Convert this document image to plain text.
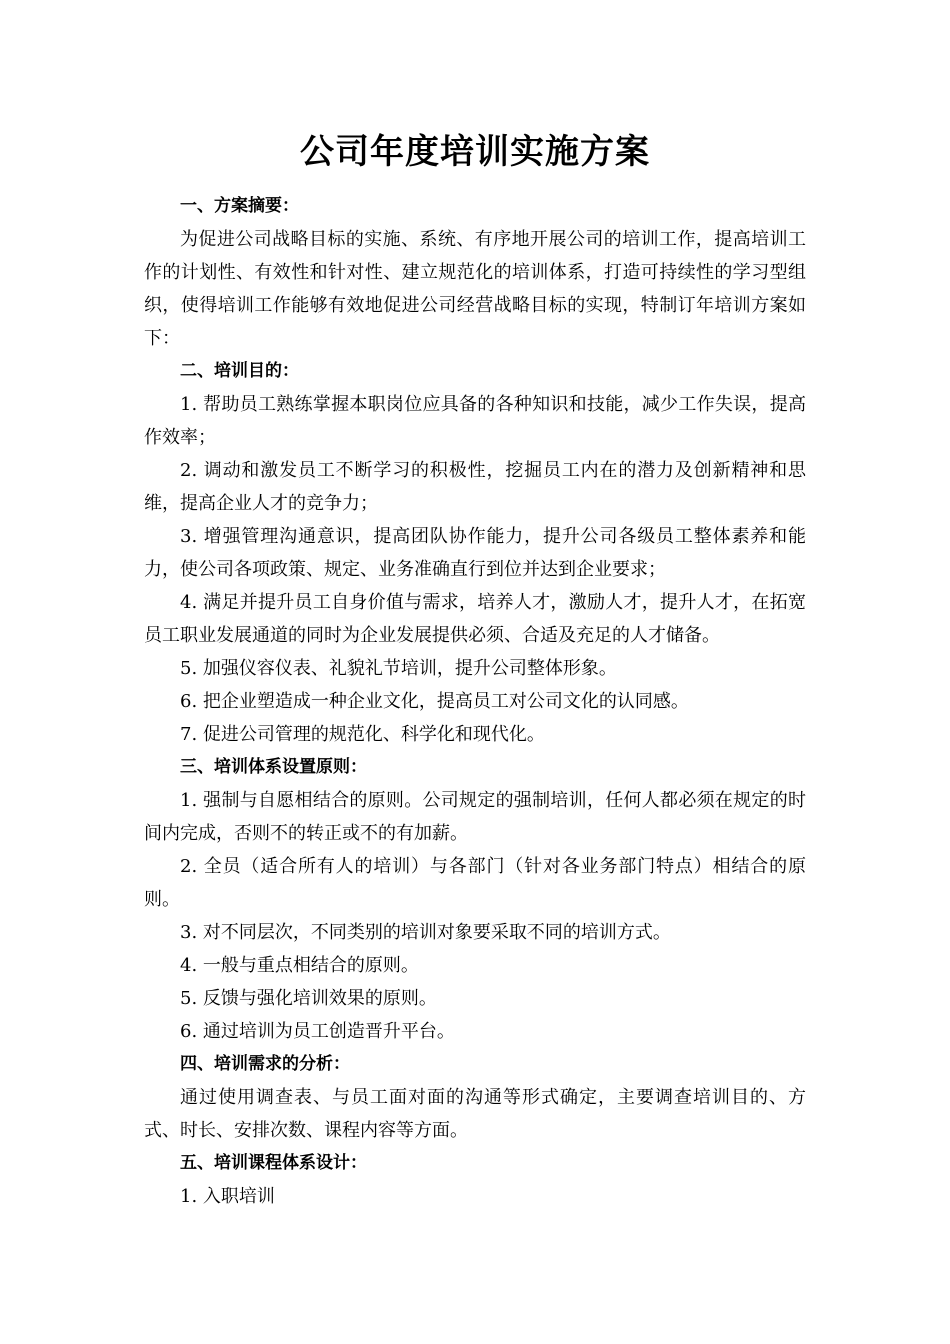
公司年度培训实施方案

一、方案摘要：

为促进公司战略目标的实施、系统、有序地开展公司的培训工作，提高培训工作的计划性、有效性和针对性、建立规范化的培训体系，打造可持续性的学习型组织，使得培训工作能够有效地促进公司经营战略目标的实现，特制订年培训方案如下：

二、培训目的：

1. 帮助员工熟练掌握本职岗位应具备的各种知识和技能，减少工作失误，提高作效率；

2. 调动和激发员工不断学习的积极性，挖掘员工内在的潜力及创新精神和思维，提高企业人才的竞争力；

3. 增强管理沟通意识，提高团队协作能力，提升公司各级员工整体素养和能力，使公司各项政策、规定、业务准确直行到位并达到企业要求；

4. 满足并提升员工自身价值与需求，培养人才，激励人才，提升人才，在拓宽员工职业发展通道的同时为企业发展提供必须、合适及充足的人才储备。

5. 加强仪容仪表、礼貌礼节培训，提升公司整体形象。

6. 把企业塑造成一种企业文化，提高员工对公司文化的认同感。

7. 促进公司管理的规范化、科学化和现代化。

三、培训体系设置原则：

1. 强制与自愿相结合的原则。公司规定的强制培训，任何人都必须在规定的时间内完成，否则不的转正或不的有加薪。

2. 全员（适合所有人的培训）与各部门（针对各业务部门特点）相结合的原则。

3. 对不同层次，不同类别的培训对象要采取不同的培训方式。

4. 一般与重点相结合的原则。

5. 反馈与强化培训效果的原则。

6. 通过培训为员工创造晋升平台。

四、培训需求的分析：

通过使用调查表、与员工面对面的沟通等形式确定，主要调查培训目的、方式、时长、安排次数、课程内容等方面。

五、培训课程体系设计：

1. 入职培训
